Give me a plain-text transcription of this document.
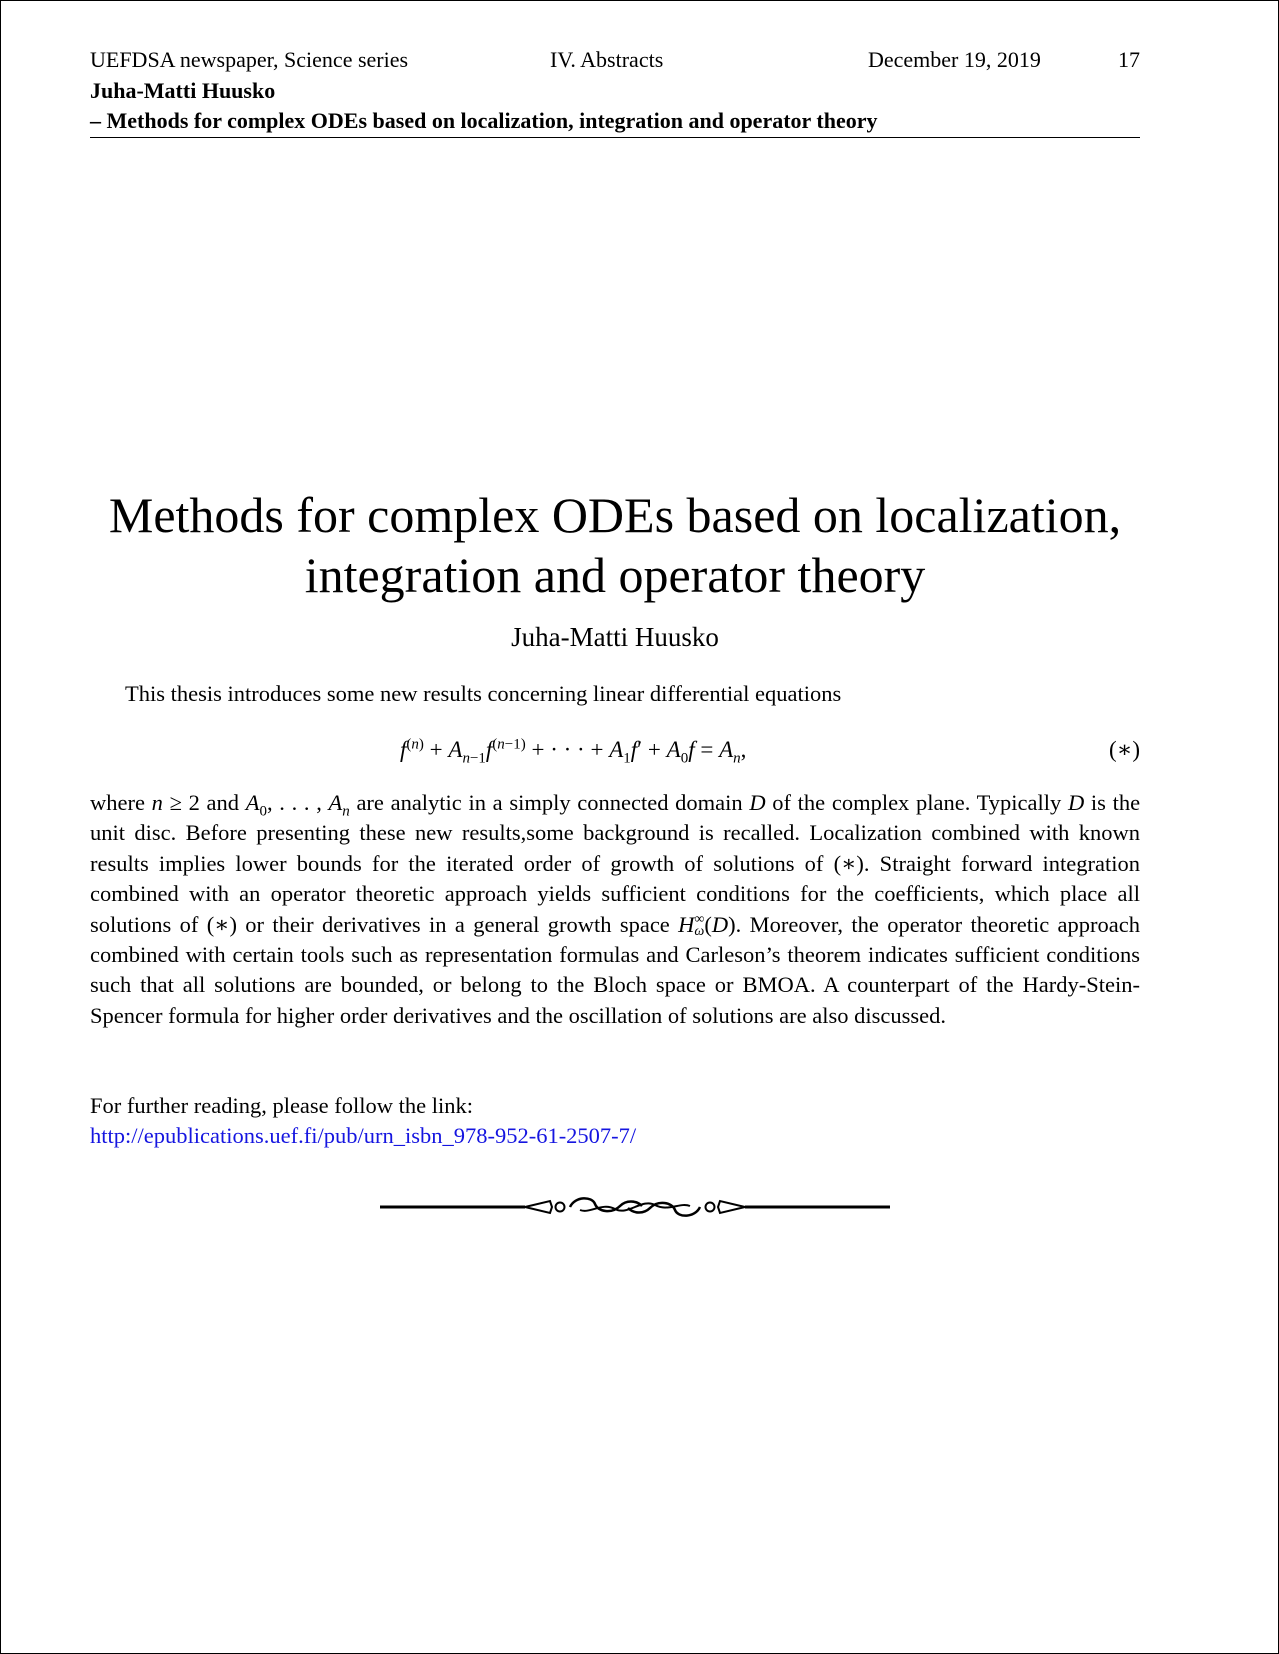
UEFDSA newspaper, Science series	IV. Abstracts	December 19, 2019	17
Juha-Matti Huusko
– Methods for complex ODEs based on localization, integration and operator theory
Methods for complex ODEs based on localization,
integration and operator theory
Juha-Matti Huusko
This thesis introduces some new results concerning linear differential equations
$f^{(n)} + A_{n-1}f^{(n-1)}$ + · · · + $A_1f' + A_0f = A_n$,	(∗)

where n ≥ 2 and $A_0$, . . . , $A_n$ are analytic in a simply connected domain D of the complex plane. Typically D is the unit disc. Before presenting these new results,some background is recalled. Localization combined with known results implies lower bounds for the iterated order of growth of solutions of (∗). Straight forward integration combined with an operator theoretic approach yields sufficient conditions for the coefficients, which place all solutions of (∗) or their derivatives in a general growth space H ∞
ω (D). Moreover, the operator theoretic approach combined with certain tools such as representation formulas and Carleson’s theorem indicates sufficient conditions such that all solutions are bounded, or belong to the Bloch space or BMOA. A counterpart of the Hardy-Stein-Spencer formula for higher order derivatives and the oscillation of solutions are also discussed.

For further reading, please follow the link:
http://epublications.uef.fi/pub/urn_isbn_978-952-61-2507-7/
